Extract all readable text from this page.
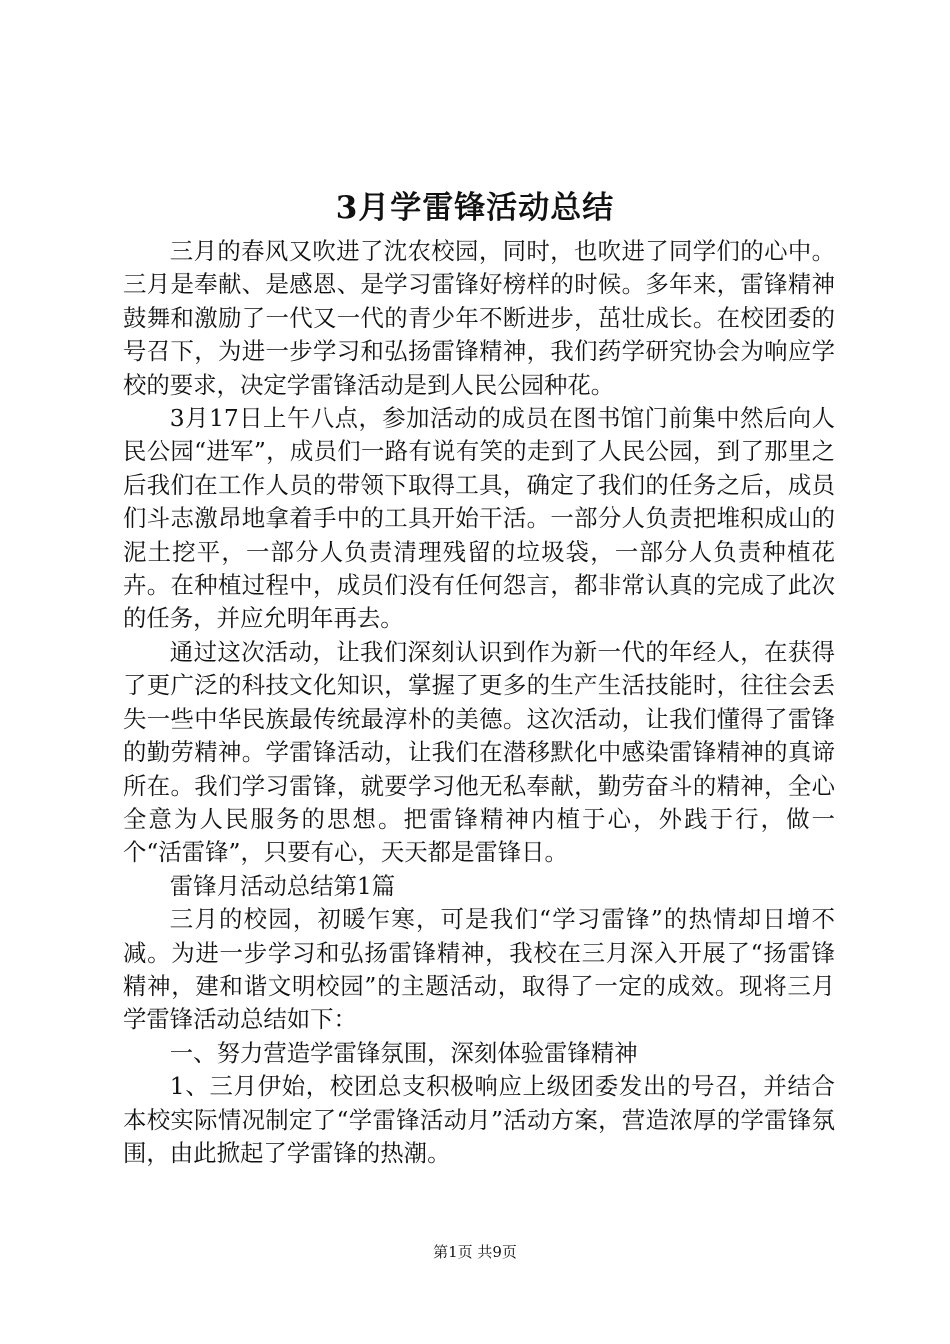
3月学雷锋活动总结

三月的春风又吹进了沈农校园，同时，也吹进了同学们的心中。三月是奉献、是感恩、是学习雷锋好榜样的时候。多年来，雷锋精神鼓舞和激励了一代又一代的青少年不断进步，茁壮成长。在校团委的号召下，为进一步学习和弘扬雷锋精神，我们药学研究协会为响应学校的要求，决定学雷锋活动是到人民公园种花。

3月17日上午八点，参加活动的成员在图书馆门前集中然后向人民公园“进军”，成员们一路有说有笑的走到了人民公园，到了那里之后我们在工作人员的带领下取得工具，确定了我们的任务之后，成员们斗志激昂地拿着手中的工具开始干活。一部分人负责把堆积成山的泥土挖平，一部分人负责清理残留的垃圾袋，一部分人负责种植花卉。在种植过程中，成员们没有任何怨言，都非常认真的完成了此次的任务，并应允明年再去。

通过这次活动，让我们深刻认识到作为新一代的年经人，在获得了更广泛的科技文化知识，掌握了更多的生产生活技能时，往往会丢失一些中华民族最传统最淳朴的美德。这次活动，让我们懂得了雷锋的勤劳精神。学雷锋活动，让我们在潜移默化中感染雷锋精神的真谛所在。我们学习雷锋，就要学习他无私奉献，勤劳奋斗的精神，全心全意为人民服务的思想。把雷锋精神内植于心，外践于行，做一个“活雷锋”，只要有心，天天都是雷锋日。

雷锋月活动总结第1篇

三月的校园，初暖乍寒，可是我们“学习雷锋”的热情却日增不减。为进一步学习和弘扬雷锋精神，我校在三月深入开展了“扬雷锋精神，建和谐文明校园”的主题活动，取得了一定的成效。现将三月学雷锋活动总结如下：

一、努力营造学雷锋氛围，深刻体验雷锋精神

1、三月伊始，校团总支积极响应上级团委发出的号召，并结合本校实际情况制定了“学雷锋活动月”活动方案，营造浓厚的学雷锋氛围，由此掀起了学雷锋的热潮。

第1页 共9页
